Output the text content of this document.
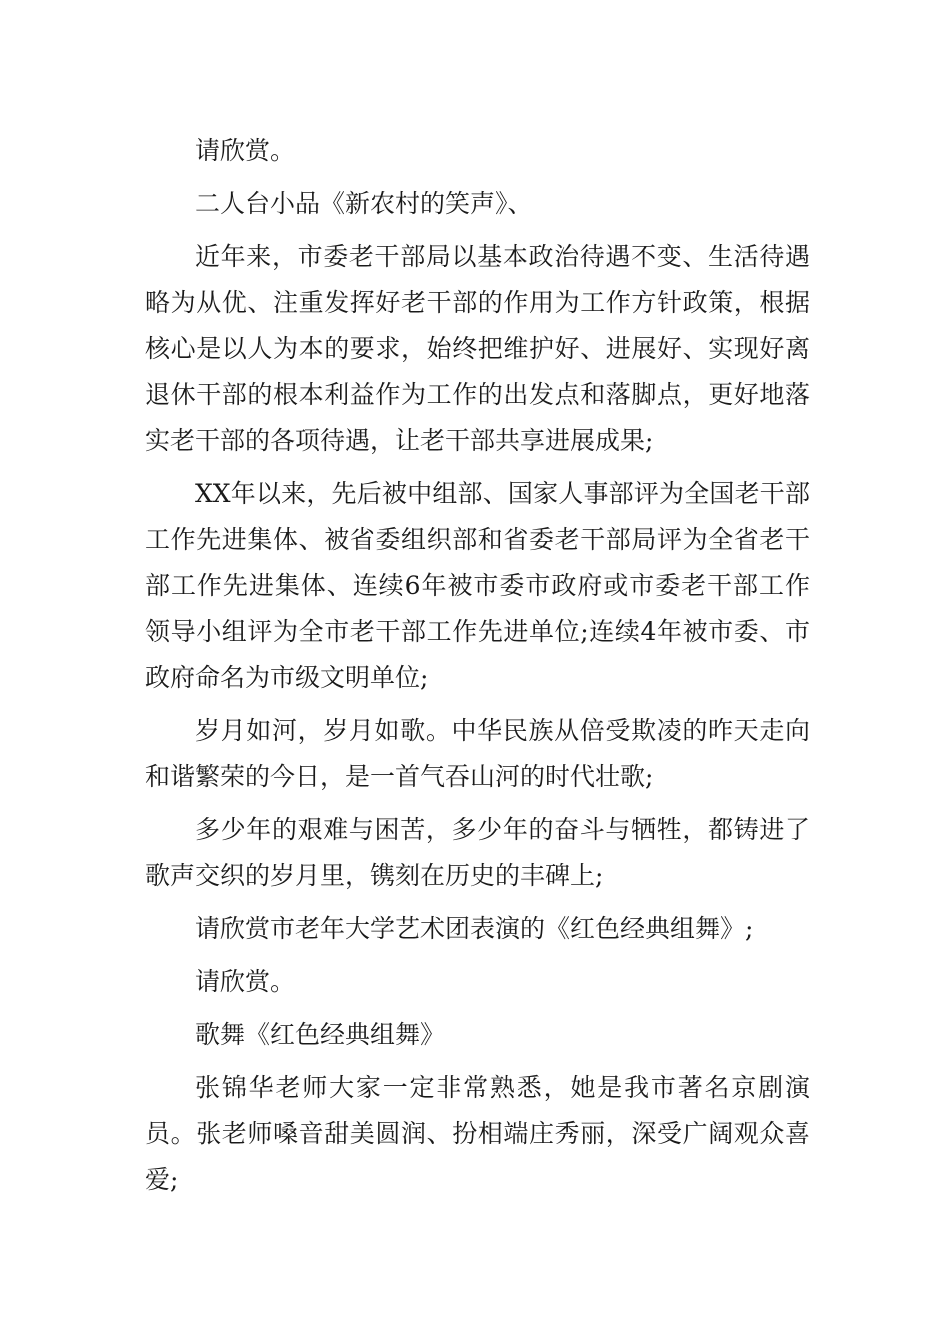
请欣赏。

二人台小品《新农村的笑声》、

近年来，市委老干部局以基本政治待遇不变、生活待遇略为从优、注重发挥好老干部的作用为工作方针政策，根据核心是以人为本的要求，始终把维护好、进展好、实现好离退休干部的根本利益作为工作的出发点和落脚点，更好地落实老干部的各项待遇，让老干部共享进展成果;

XX年以来，先后被中组部、国家人事部评为全国老干部工作先进集体、被省委组织部和省委老干部局评为全省老干部工作先进集体、连续6年被市委市政府或市委老干部工作领导小组评为全市老干部工作先进单位;连续4年被市委、市政府命名为市级文明单位;

岁月如河，岁月如歌。中华民族从倍受欺凌的昨天走向和谐繁荣的今日，是一首气吞山河的时代壮歌;

多少年的艰难与困苦，多少年的奋斗与牺牲，都铸进了歌声交织的岁月里，镌刻在历史的丰碑上;

请欣赏市老年大学艺术团表演的《红色经典组舞》;

请欣赏。

歌舞《红色经典组舞》

张锦华老师大家一定非常熟悉，她是我市著名京剧演员。张老师嗓音甜美圆润、扮相端庄秀丽，深受广阔观众喜爱;
